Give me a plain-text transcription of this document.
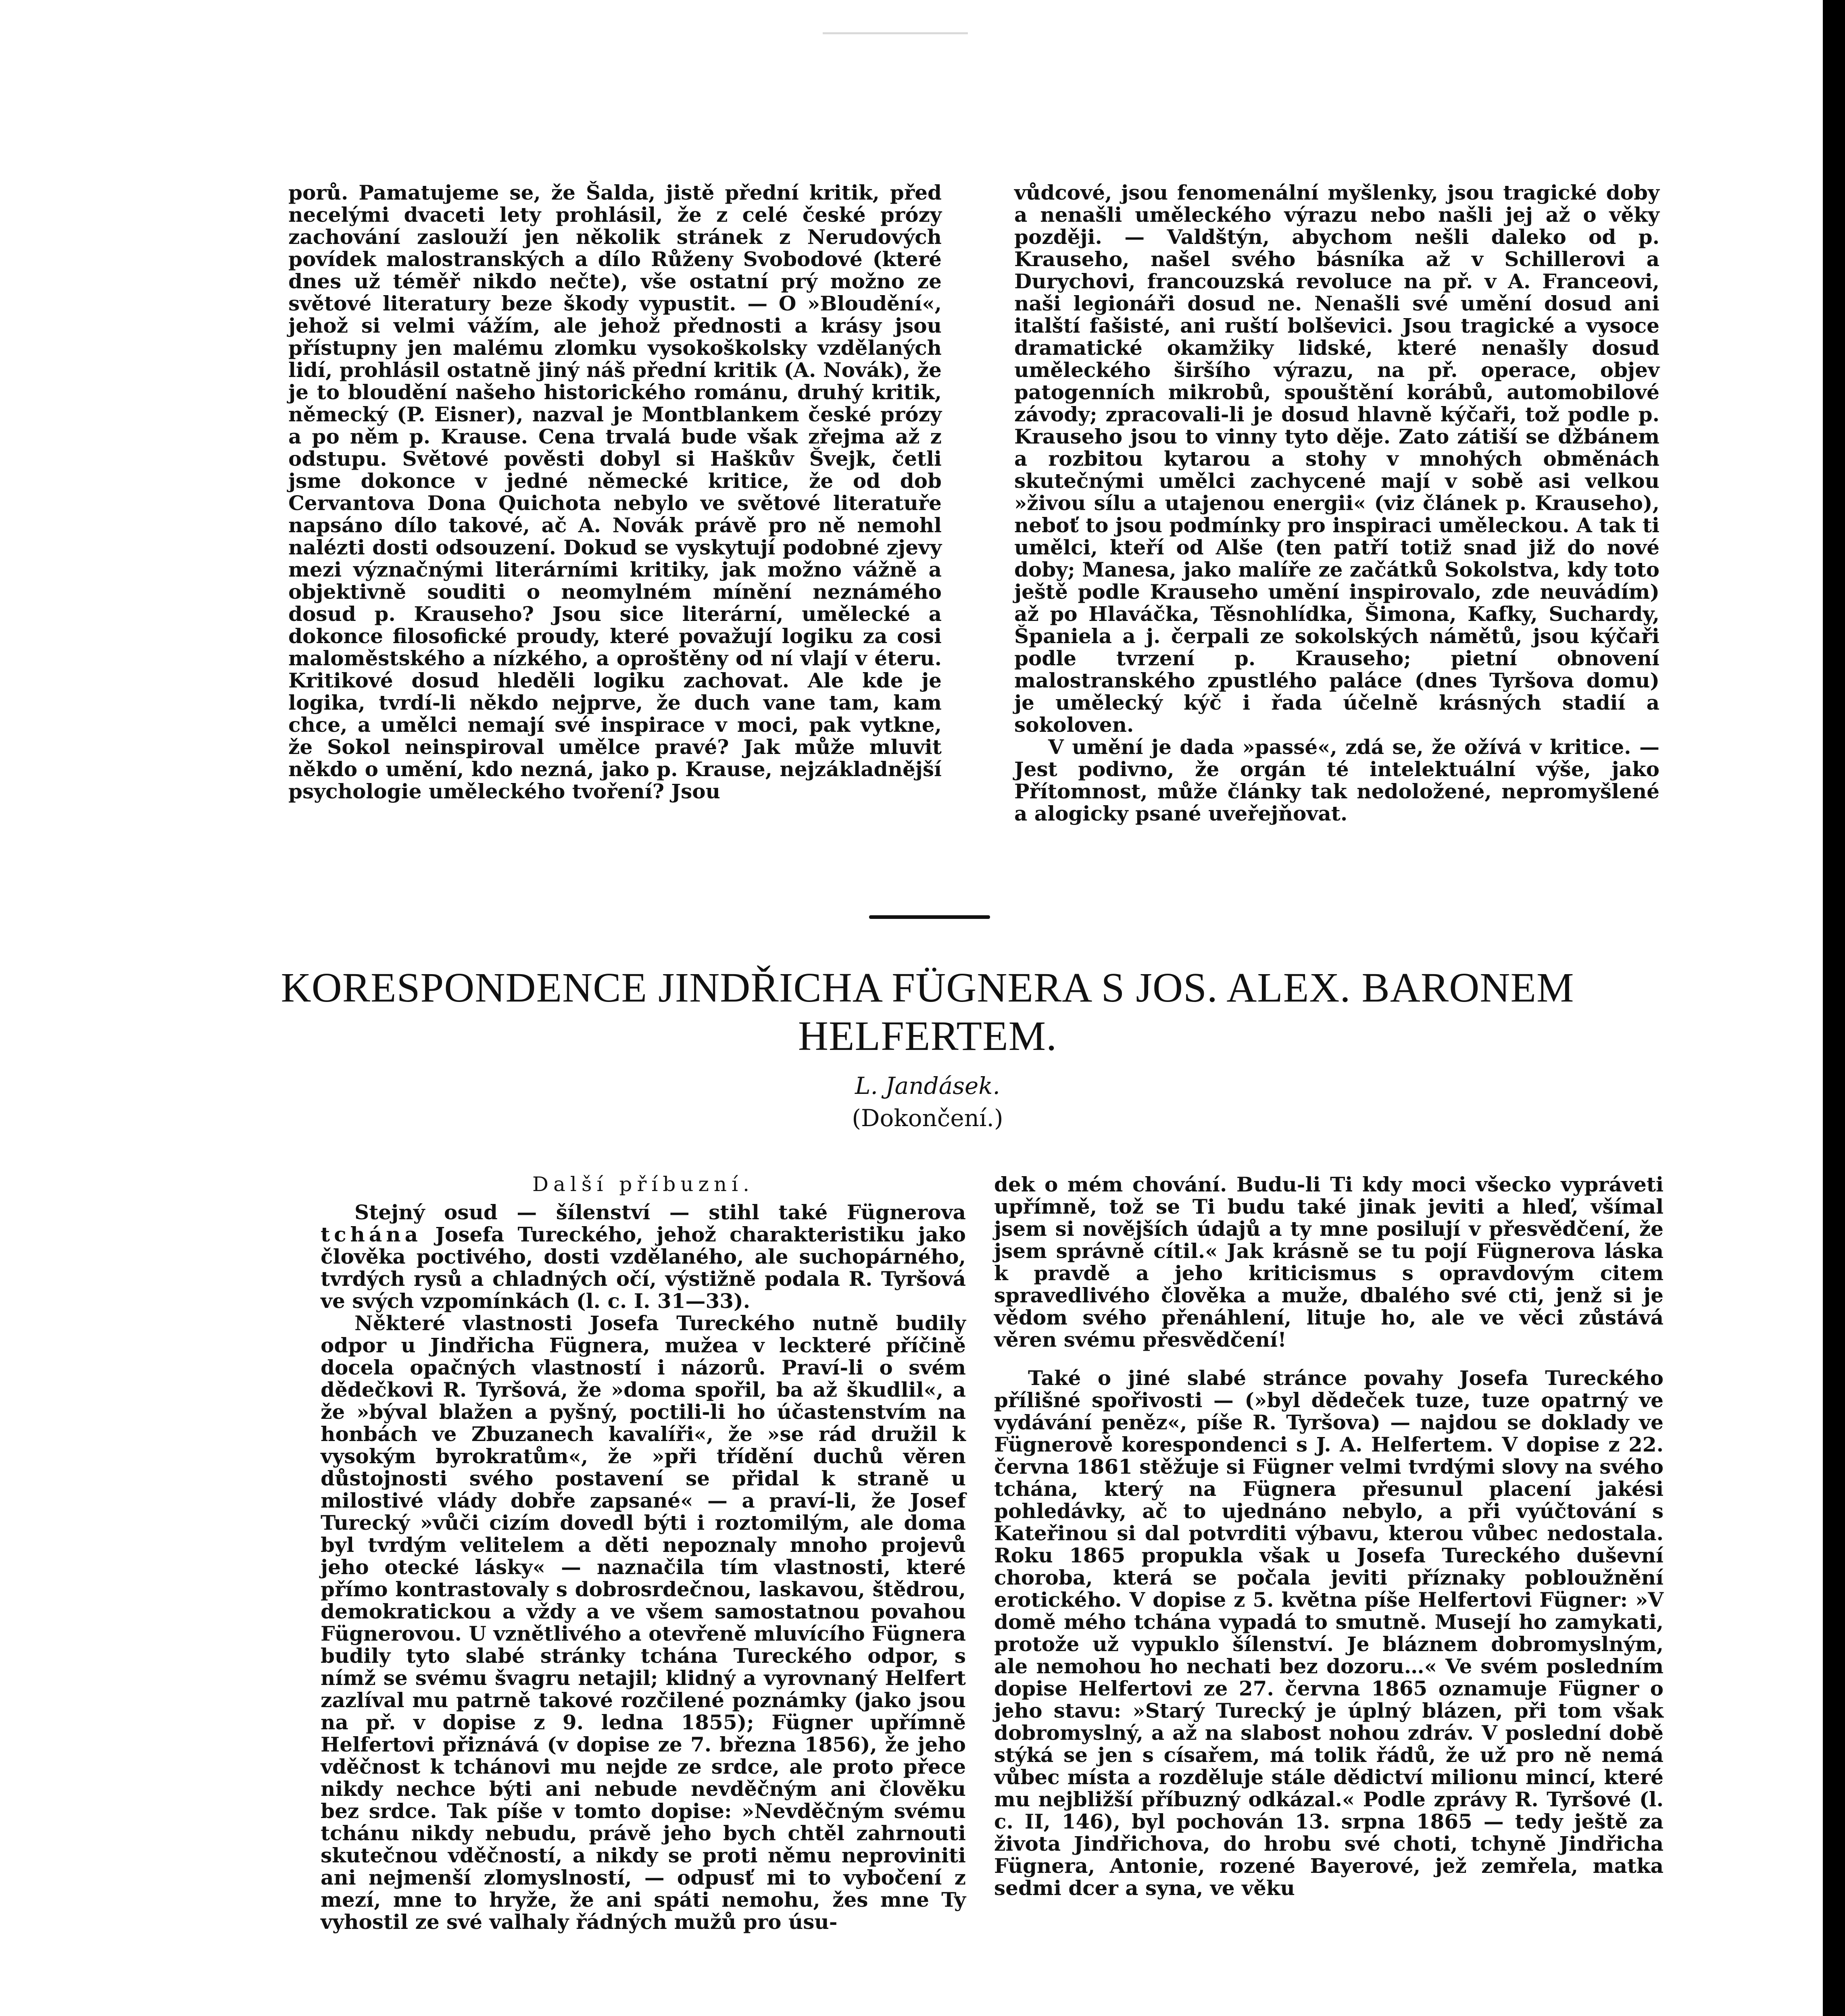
porů. Pamatujeme se, že Šalda, jistě přední kritik, před necelými dvaceti lety prohlásil, že z celé české prózy zachování zaslouží jen několik stránek z Nerudových povídek malostranských a dílo Růženy Svobodové (které dnes už téměř nikdo nečte), vše ostatní prý možno ze světové literatury beze škody vypustit. — O »Bloudění«, jehož si velmi vážím, ale jehož přednosti a krásy jsou přístupny jen malému zlomku vysokoškolsky vzdělaných lidí, prohlásil ostatně jiný náš přední kritik (A. Novák), že je to bloudění našeho historického románu, druhý kritik, německý (P. Eisner), nazval je Montblankem české prózy a po něm p. Krause. Cena trvalá bude však zřejma až z odstupu. Světové pověsti dobyl si Haškův Švejk, četli jsme dokonce v jedné německé kritice, že od dob Cervantova Dona Quichota nebylo ve světové literatuře napsáno dílo takové, ač A. Novák právě pro ně nemohl nalézti dosti odsouzení. Dokud se vyskytují podobné zjevy mezi význačnými literárními kritiky, jak možno vážně a objektivně souditi o neomylném mínění neznámého dosud p. Krauseho? Jsou sice literární, umělecké a dokonce filosofické proudy, které považují logiku za cosi maloměstského a nízkého, a oproštěny od ní vlají v éteru. Kritikové dosud hleděli logiku zachovat. Ale kde je logika, tvrdí-li někdo nejprve, že duch vane tam, kam chce, a umělci nemají své inspirace v moci, pak vytkne, že Sokol neinspiroval umělce pravé? Jak může mluvit někdo o umění, kdo nezná, jako p. Krause, nejzákladnější psychologie uměleckého tvoření? Jsou

vůdcové, jsou fenomenální myšlenky, jsou tragické doby a nenašli uměleckého výrazu nebo našli jej až o věky později. — Valdštýn, abychom nešli daleko od p. Krauseho, našel svého básníka až v Schillerovi a Durychovi, francouzská revoluce na př. v A. Franceovi, naši legionáři dosud ne. Nenašli své umění dosud ani italští fašisté, ani ruští bolševici. Jsou tragické a vysoce dramatické okamžiky lidské, které nenašly dosud uměleckého širšího výrazu, na př. operace, objev patogenních mikrobů, spouštění korábů, automobilové závody; zpracovali-li je dosud hlavně kýčaři, tož podle p. Krauseho jsou to vinny tyto děje. Zato zátiší se džbánem a rozbitou kytarou a stohy v mnohých obměnách skutečnými umělci zachycené mají v sobě asi velkou »živou sílu a utajenou energii« (viz článek p. Krauseho), neboť to jsou podmínky pro inspiraci uměleckou. A tak ti umělci, kteří od Alše (ten patří totiž snad již do nové doby; Manesa, jako malíře ze začátků Sokolstva, kdy toto ještě podle Krauseho umění inspirovalo, zde neuvádím) až po Hlaváčka, Těsnohlídka, Šimona, Kafky, Suchardy, Španiela a j. čerpali ze sokolských námětů, jsou kýčaři podle tvrzení p. Krauseho; pietní obnovení malostranského zpustlého paláce (dnes Tyršova domu) je umělecký kýč i řada účelně krásných stadií a sokoloven.

V umění je dada »passé«, zdá se, že ožívá v kritice. — Jest podivno, že orgán té intelektuální výše, jako Přítomnost, může články tak nedoložené, nepromyšlené a alogicky psané uveřejňovat.

KORESPONDENCE JINDŘICHA FÜGNERA S JOS. ALEX. BARONEM HELFERTEM.
L. Jandásek.
(Dokončení.)
Další příbuzní.

Stejný osud — šílenství — stihl také Fügnerova tchána Josefa Tureckého, jehož charakteristiku jako člověka poctivého, dosti vzdělaného, ale suchopárného, tvrdých rysů a chladných očí, výstižně podala R. Tyršová ve svých vzpomínkách (l. c. I. 31—33).

Některé vlastnosti Josefa Tureckého nutně budily odpor u Jindřicha Fügnera, mužea v leckteré příčině docela opačných vlastností i názorů. Praví-li o svém dědečkovi R. Tyršová, že »doma spořil, ba až škudlil«, a že »býval blažen a pyšný, poctili-li ho účastenstvím na honbách ve Zbuzanech kavalíři«, že »se rád družil k vysokým byrokratům«, že »při třídění duchů věren důstojnosti svého postavení se přidal k straně u milostivé vlády dobře zapsané« — a praví-li, že Josef Turecký »vůči cizím dovedl býti i roztomilým, ale doma byl tvrdým velitelem a děti nepoznaly mnoho projevů jeho otecké lásky« — naznačila tím vlastnosti, které přímo kontrastovaly s dobrosrdečnou, laskavou, štědrou, demokratickou a vždy a ve všem samostatnou povahou Fügnerovou. U vznětlivého a otevřeně mluvícího Fügnera budily tyto slabé stránky tchána Tureckého odpor, s nímž se svému švagru netajil; klidný a vyrovnaný Helfert zazlíval mu patrně takové rozčilené poznámky (jako jsou na př. v dopise z 9. ledna 1855); Fügner upřímně Helfertovi přiznává (v dopise ze 7. března 1856), že jeho vděčnost k tchánovi mu nejde ze srdce, ale proto přece nikdy nechce býti ani nebude nevděčným ani člověku bez srdce. Tak píše v tomto dopise: »Nevděčným svému tchánu nikdy nebudu, právě jeho bych chtěl zahrnouti skutečnou vděčností, a nikdy se proti němu neproviniti ani nejmenší zlomyslností, — odpusť mi to vybočení z mezí, mne to hryže, že ani spáti nemohu, žes mne Ty vyhostil ze své valhaly řádných mužů pro úsu-

dek o mém chování. Budu-li Ti kdy moci všecko vypráveti upřímně, tož se Ti budu také jinak jeviti a hleď, všímal jsem si novějších údajů a ty mne posilují v přesvědčení, že jsem správně cítil.« Jak krásně se tu pojí Fügnerova láska k pravdě a jeho kriticismus s opravdovým citem spravedlivého člověka a muže, dbalého své cti, jenž si je vědom svého přenáhlení, lituje ho, ale ve věci zůstává věren svému přesvědčení!

Také o jiné slabé stránce povahy Josefa Tureckého přílišné spořivosti — (»byl dědeček tuze, tuze opatrný ve vydávání peněz«, píše R. Tyršova) — najdou se doklady ve Fügnerově korespondenci s J. A. Helfertem. V dopise z 22. června 1861 stěžuje si Fügner velmi tvrdými slovy na svého tchána, který na Fügnera přesunul placení jakési pohledávky, ač to ujednáno nebylo, a při vyúčtování s Kateřinou si dal potvrditi výbavu, kterou vůbec nedostala. Roku 1865 propukla však u Josefa Tureckého duševní choroba, která se počala jeviti příznaky pobloužnění erotického. V dopise z 5. května píše Helfertovi Fügner: »V domě mého tchána vypadá to smutně. Musejí ho zamykati, protože už vypuklo šílenství. Je bláznem dobromyslným, ale nemohou ho nechati bez dozoru…« Ve svém posledním dopise Helfertovi ze 27. června 1865 oznamuje Fügner o jeho stavu: »Starý Turecký je úplný blázen, při tom však dobromyslný, a až na slabost nohou zdráv. V poslední době stýká se jen s císařem, má tolik řádů, že už pro ně nemá vůbec místa a rozděluje stále dědictví milionu mincí, které mu nejbližší příbuzný odkázal.« Podle zprávy R. Tyršové (l. c. II, 146), byl pochován 13. srpna 1865 — tedy ještě za života Jindřichova, do hrobu své choti, tchyně Jindřicha Fügnera, Antonie, rozené Bayerové, jež zemřela, matka sedmi dcer a syna, ve věku
